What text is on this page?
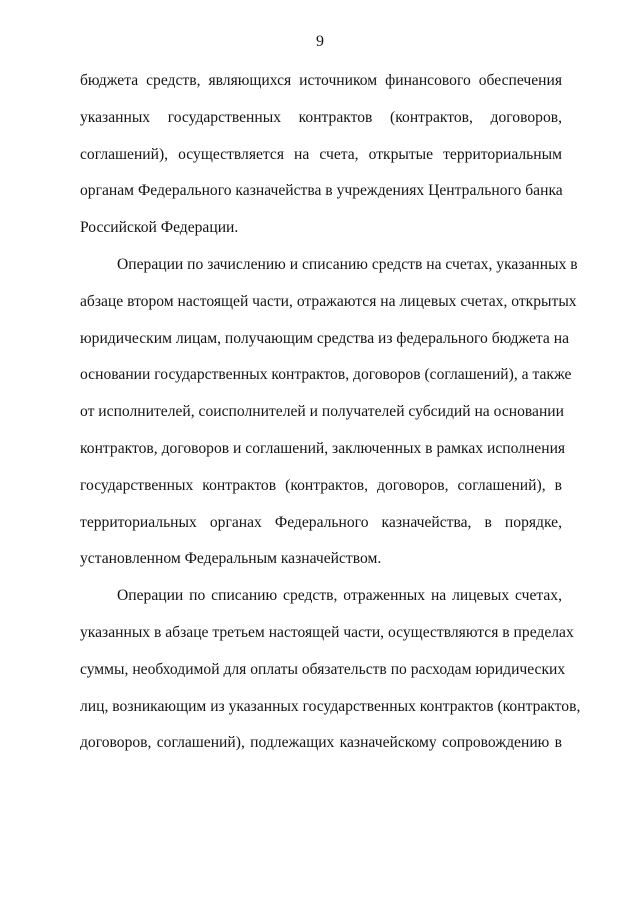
9
бюджета средств, являющихся источником финансового обеспечения
указанных государственных контрактов (контрактов, договоров,
соглашений), осуществляется на счета, открытые территориальным
органам Федерального казначейства в учреждениях Центрального банка
Российской Федерации.
Операции по зачислению и списанию средств на счетах, указанных в
абзаце втором настоящей части, отражаются на лицевых счетах, открытых
юридическим лицам, получающим средства из федерального бюджета на
основании государственных контрактов, договоров (соглашений), а также
от исполнителей, соисполнителей и получателей субсидий на основании
контрактов, договоров и соглашений, заключенных в рамках исполнения
государственных контрактов (контрактов, договоров, соглашений), в
территориальных органах Федерального казначейства, в порядке,
установленном Федеральным казначейством.
Операции по списанию средств, отраженных на лицевых счетах,
указанных в абзаце третьем настоящей части, осуществляются в пределах
суммы, необходимой для оплаты обязательств по расходам юридических
лиц, возникающим из указанных государственных контрактов (контрактов,
договоров, соглашений), подлежащих казначейскому сопровождению в
